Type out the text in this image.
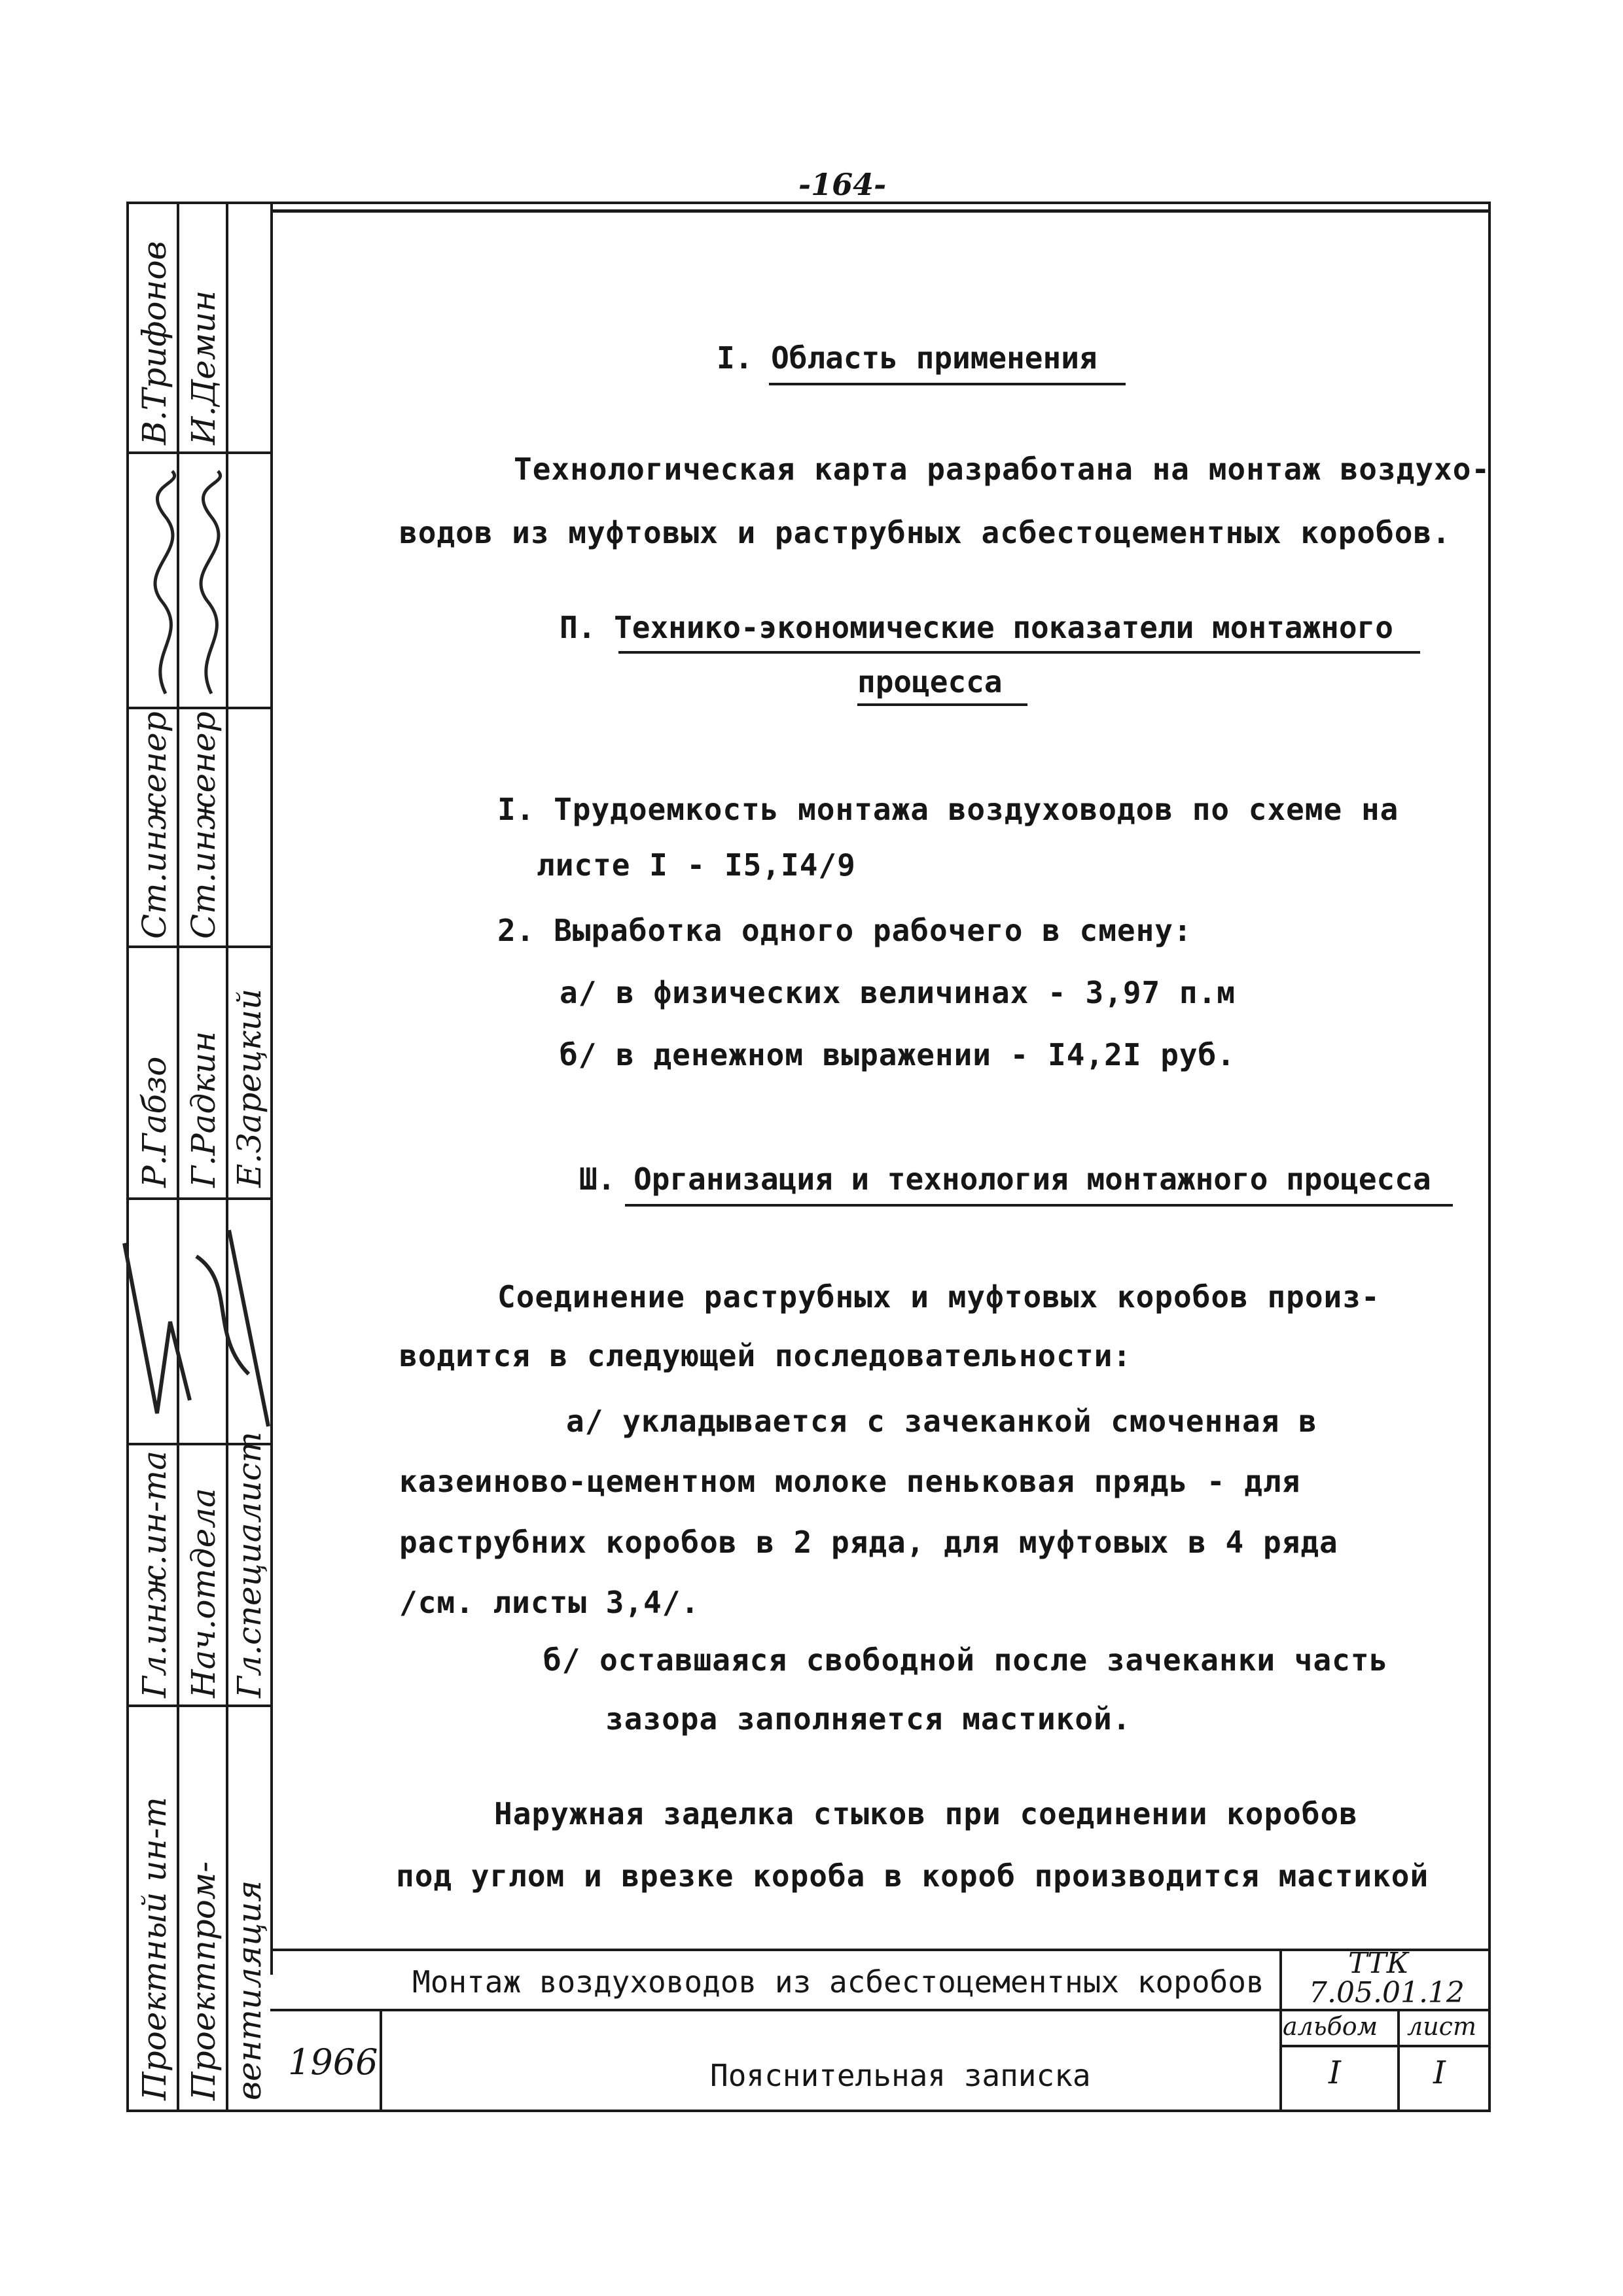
-164-
Проектный ин-т
Гл.инж.ин-та
Р.Габзо
Ст.инженер
В.Трифонов
Проектпром-
Нач.отдела
Г.Радкин
Ст.инженер
И.Демин
вентиляция
Гл.специалист
Е.Зарецкий
I. Область применения
Технологическая карта разработана на монтаж воздухо-
водов из муфтовых и раструбных асбестоцементных коробов.
П. Технико-экономические показатели монтажного
процесса
I. Трудоемкость монтажа воздуховодов по схеме на
листе I - I5,I4/9
2. Выработка одного рабочего в смену:
а/ в физических величинах - 3,97 п.м
б/ в денежном выражении - I4,2I руб.
Ш. Организация и технология монтажного процесса
Соединение раструбных и муфтовых коробов произ-
водится в следующей последовательности:
а/ укладывается с зачеканкой смоченная в
казеиново-цементном молоке пеньковая прядь - для
раструбних коробов в 2 ряда, для муфтовых в 4 ряда
/см. листы 3,4/.
б/ оставшаяся свободной после зачеканки часть
зазора заполняется мастикой.
Наружная заделка стыков при соединении коробов
под углом и врезке короба в короб производится мастикой
Монтаж воздуховодов из асбестоцементных коробов
ТТК
7.05.01.12
1966	Пояснительная записка
альбом
I
лист
I
